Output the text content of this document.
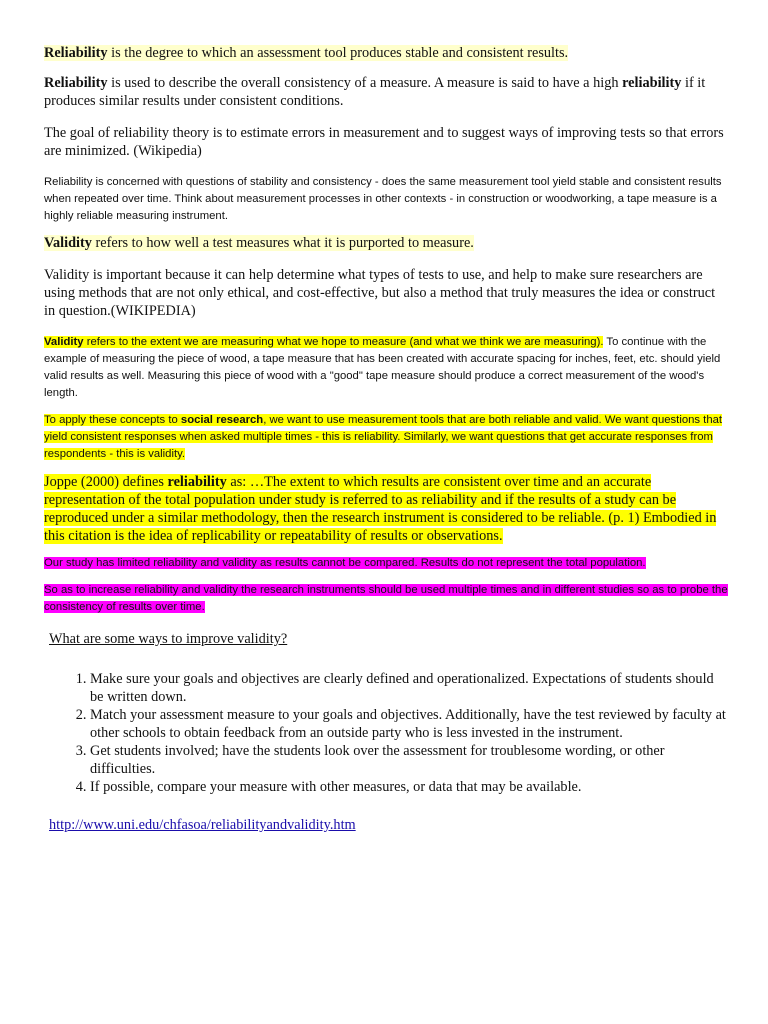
Reliability is the degree to which an assessment tool produces stable and consistent results.

Reliability is used to describe the overall consistency of a measure. A measure is said to have a high reliability if it produces similar results under consistent conditions.

The goal of reliability theory is to estimate errors in measurement and to suggest ways of improving tests so that errors are minimized. (Wikipedia)

Reliability is concerned with questions of stability and consistency - does the same measurement tool yield stable and consistent results when repeated over time. Think about measurement processes in other contexts - in construction or woodworking, a tape measure is a highly reliable measuring instrument.

Validity refers to how well a test measures what it is purported to measure.

Validity is important because it can help determine what types of tests to use, and help to make sure researchers are using methods that are not only ethical, and cost-effective, but also a method that truly measures the idea or construct in question.(WIKIPEDIA)

Validity refers to the extent we are measuring what we hope to measure (and what we think we are measuring). To continue with the example of measuring the piece of wood, a tape measure that has been created with accurate spacing for inches, feet, etc. should yield valid results as well. Measuring this piece of wood with a "good" tape measure should produce a correct measurement of the wood's length.

To apply these concepts to social research, we want to use measurement tools that are both reliable and valid. We want questions that yield consistent responses when asked multiple times - this is reliability. Similarly, we want questions that get accurate responses from respondents - this is validity.

Joppe (2000) defines reliability as: …The extent to which results are consistent over time and an accurate representation of the total population under study is referred to as reliability and if the results of a study can be reproduced under a similar methodology, then the research instrument is considered to be reliable. (p. 1) Embodied in this citation is the idea of replicability or repeatability of results or observations.

Our study has limited reliability and validity as results cannot be compared. Results do not represent the total population.

So as to increase reliability and validity the research instruments should be used multiple times and in different studies so as to probe the consistency of results over time.

What are some ways to improve validity?

1. Make sure your goals and objectives are clearly defined and operationalized. Expectations of students should be written down.
2. Match your assessment measure to your goals and objectives. Additionally, have the test reviewed by faculty at other schools to obtain feedback from an outside party who is less invested in the instrument.
3. Get students involved; have the students look over the assessment for troublesome wording, or other difficulties.
4. If possible, compare your measure with other measures, or data that may be available.

http://www.uni.edu/chfasoa/reliabilityandvalidity.htm
